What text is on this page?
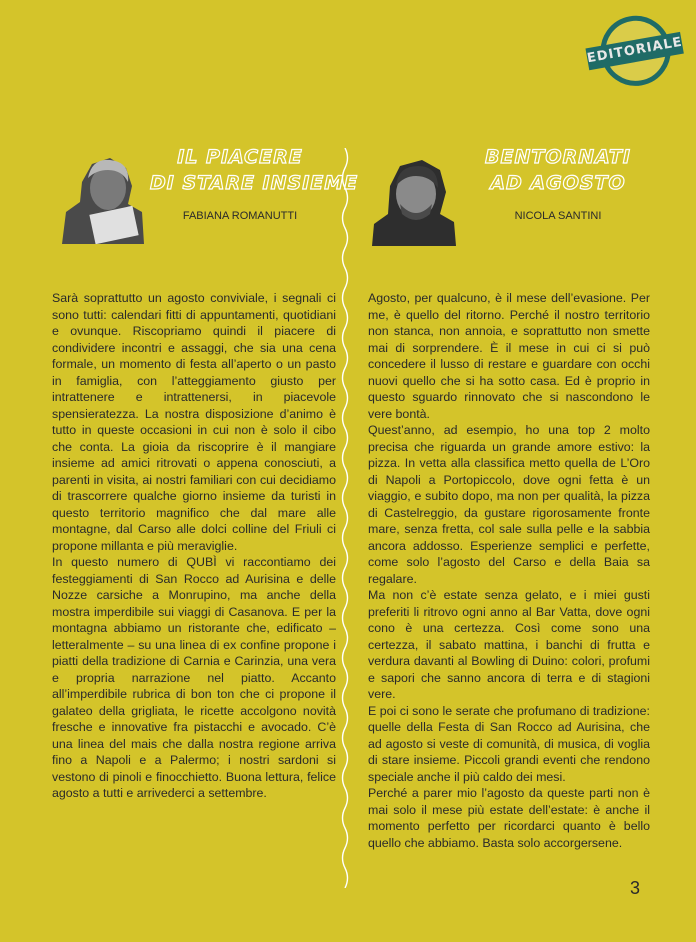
EDITORIALE
IL PIACERE
DI STARE INSIEME
FABIANA ROMANUTTI
BENTORNATI
AD AGOSTO
NICOLA SANTINI

Sarà soprattutto un agosto conviviale, i segnali ci sono tutti: calendari fitti di appuntamenti, quotidiani e ovunque. Riscopriamo quindi il piacere di condividere incontri e assaggi, che sia una cena formale, un momento di festa all’aperto o un pasto in famiglia, con l’atteggiamento giusto per intrattenere e intrattenersi, in piacevole spensieratezza. La nostra disposizione d’animo è tutto in queste occasioni in cui non è solo il cibo che conta. La gioia da riscoprire è il mangiare insieme ad amici ritrovati o appena conosciuti, a parenti in visita, ai nostri familiari con cui decidiamo di trascorrere qualche giorno insieme da turisti in questo territorio magnifico che dal mare alle montagne, dal Carso alle dolci colline del Friuli ci propone millanta e più meraviglie.

In questo numero di QUBÌ vi raccontiamo dei festeggiamenti di San Rocco ad Aurisina e delle Nozze carsiche a Monrupino, ma anche della mostra imperdibile sui viaggi di Casanova. E per la montagna abbiamo un ristorante che, edificato – letteralmente – su una linea di ex confine propone i piatti della tradizione di Carnia e Carinzia, una vera e propria narrazione nel piatto. Accanto all’imperdibile rubrica di bon ton che ci propone il galateo della grigliata, le ricette accolgono novità fresche e innovative fra pistacchi e avocado. C’è una linea del mais che dalla nostra regione arriva fino a Napoli e a Palermo; i nostri sardoni si vestono di pinoli e finocchietto. Buona lettura, felice agosto a tutti e arrivederci a settembre.

Agosto, per qualcuno, è il mese dell’evasione. Per me, è quello del ritorno. Perché il nostro territorio non stanca, non annoia, e soprattutto non smette mai di sorprendere. È il mese in cui ci si può concedere il lusso di restare e guardare con occhi nuovi quello che si ha sotto casa. Ed è proprio in questo sguardo rinnovato che si nascondono le vere bontà.

Quest’anno, ad esempio, ho una top 2 molto precisa che riguarda un grande amore estivo: la pizza. In vetta alla classifica metto quella de L’Oro di Napoli a Portopiccolo, dove ogni fetta è un viaggio, e subito dopo, ma non per qualità, la pizza di Castelreggio, da gustare rigorosamente fronte mare, senza fretta, col sale sulla pelle e la sabbia ancora addosso. Esperienze semplici e perfette, come solo l’agosto del Carso e della Baia sa regalare.

Ma non c’è estate senza gelato, e i miei gusti preferiti li ritrovo ogni anno al Bar Vatta, dove ogni cono è una certezza. Così come sono una certezza, il sabato mattina, i banchi di frutta e verdura davanti al Bowling di Duino: colori, profumi e sapori che sanno ancora di terra e di stagioni vere.

E poi ci sono le serate che profumano di tradizione: quelle della Festa di San Rocco ad Aurisina, che ad agosto si veste di comunità, di musica, di voglia di stare insieme. Piccoli grandi eventi che rendono speciale anche il più caldo dei mesi.

Perché a parer mio l’agosto da queste parti non è mai solo il mese più estate dell’estate: è anche il momento perfetto per ricordarci quanto è bello quello che abbiamo. Basta solo accorgersene.

3
